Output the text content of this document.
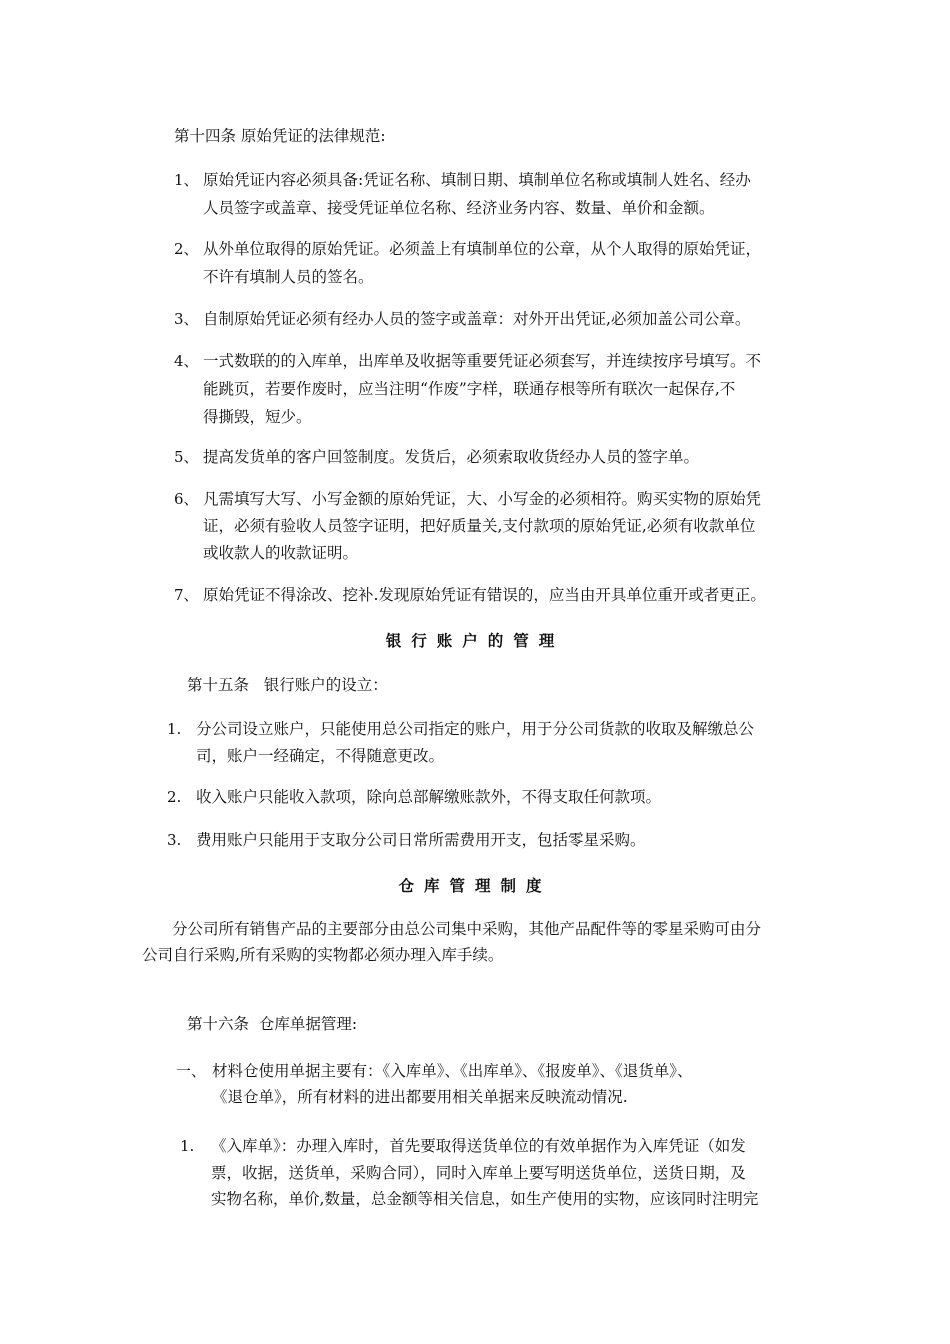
第十四条 原始凭证的法律规范:
1、 原始凭证内容必须具备:凭证名称、填制日期、填制单位名称或填制人姓名、经办
人员签字或盖章、接受凭证单位名称、经济业务内容、数量、单价和金额。
2、 从外单位取得的原始凭证。必须盖上有填制单位的公章，从个人取得的原始凭证，
不许有填制人员的签名。
3、 自制原始凭证必须有经办人员的签字或盖章：对外开出凭证,必须加盖公司公章。
4、 一式数联的的入库单，出库单及收据等重要凭证必须套写，并连续按序号填写。不
能跳页，若要作废时，应当注明“作废”字样，联通存根等所有联次一起保存,不
得撕毁，短少。
5、 提高发货单的客户回签制度。发货后，必须索取收货经办人员的签字单。
6、 凡需填写大写、小写金额的原始凭证，大、小写金的必须相符。购买实物的原始凭
证，必须有验收人员签字证明，把好质量关,支付款项的原始凭证,必须有收款单位
或收款人的收款证明。
7、 原始凭证不得涂改、挖补.发现原始凭证有错误的，应当由开具单位重开或者更正。
银行账户的管理
第十五条   银行账户的设立：
1. 分公司设立账户，只能使用总公司指定的账户，用于分公司货款的收取及解缴总公
司，账户一经确定，不得随意更改。
2. 收入账户只能收入款项，除向总部解缴账款外，不得支取任何款项。
3. 费用账户只能用于支取分公司日常所需费用开支，包括零星采购。
仓库管理制度
分公司所有销售产品的主要部分由总公司集中采购，其他产品配件等的零星采购可由分
公司自行采购,所有采购的实物都必须办理入库手续。
第十六条  仓库单据管理:
一、 材料仓使用单据主要有：《入库单》、《出库单》、《报废单》、《退货单》、
《退仓单》，所有材料的进出都要用相关单据来反映流动情况.
1. 《入库单》：办理入库时，首先要取得送货单位的有效单据作为入库凭证（如发
票，收据，送货单，采购合同），同时入库单上要写明送货单位，送货日期，及
实物名称，单价,数量，总金额等相关信息，如生产使用的实物，应该同时注明完
